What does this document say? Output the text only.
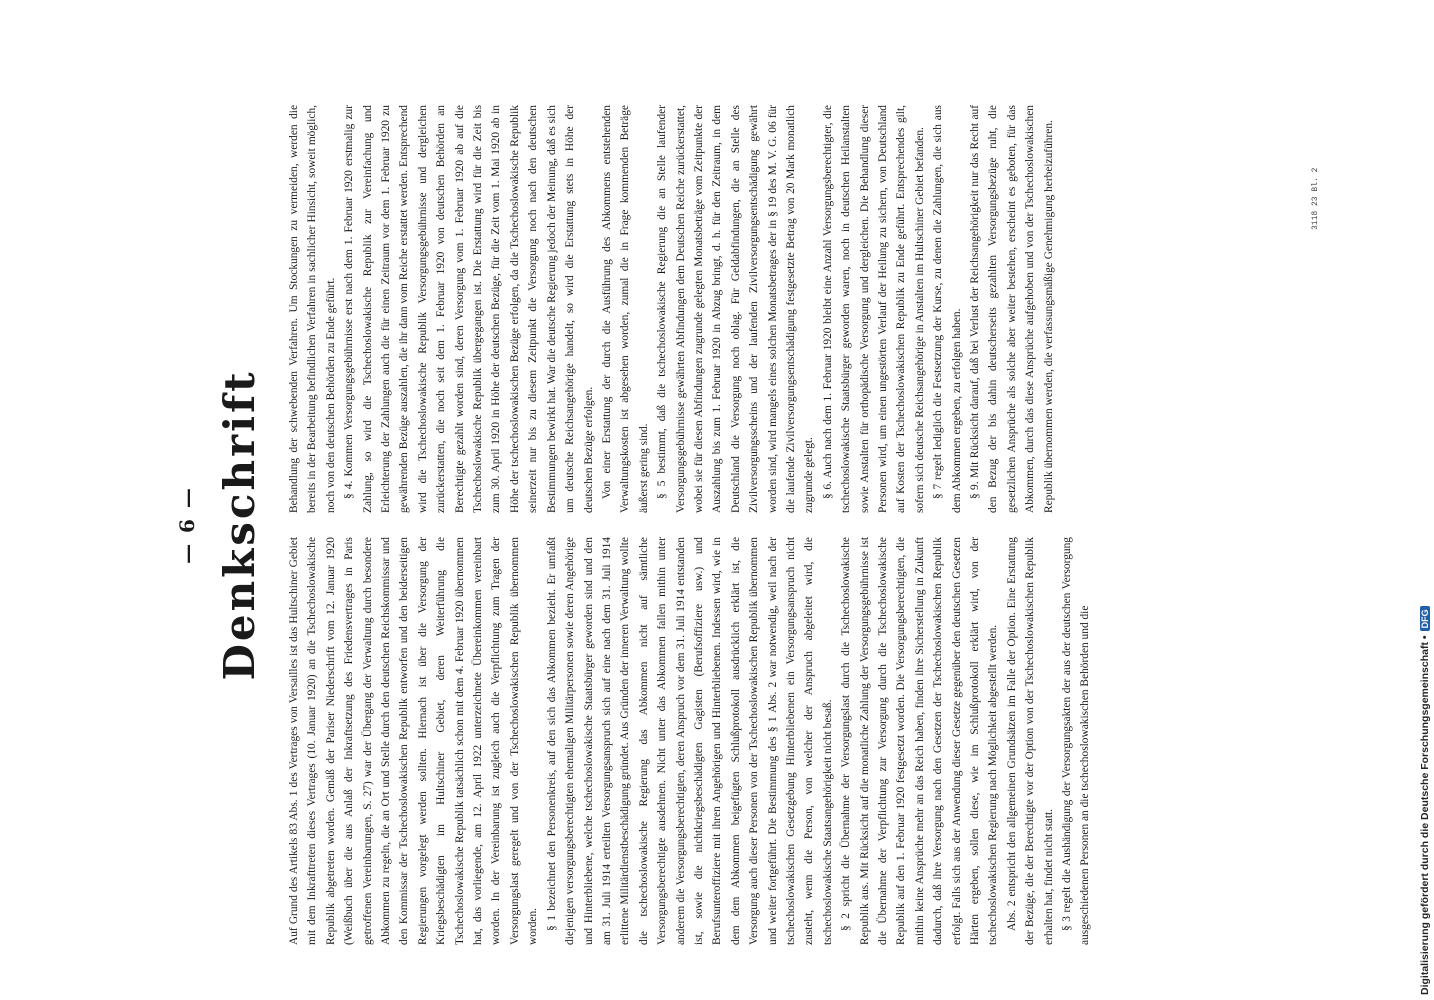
— 6 — Denkschrift

Auf Grund des Artikels 83 Abs. 1 des Vertrages von Versailles ist das Hultschiner Gebiet mit dem Inkrafttreten dieses Vertrages (10. Januar 1920) an die Tschechoslowakische Republik abgetreten worden. Gemäß der Pariser Niederschrift vom 12. Januar 1920 (Weißbuch über die aus Anlaß der Inkraftsetzung des Friedensvertrages in Paris getroffenen Vereinbarungen, S. 27) war der Übergang der Verwaltung durch besondere Abkommen zu regeln, die an Ort und Stelle durch den deutschen Reichskommissar und den Kommissar der Tschechoslowakischen Republik entworfen und den beiderseitigen Regierungen vorgelegt werden sollten. Hiernach ist über die Versorgung der Kriegsbeschädigten im Hultschiner Gebiet, deren Weiterführung die Tschechoslowakische Republik tatsächlich schon mit dem 4. Februar 1920 übernommen hat, das vorliegende, am 12. April 1922 unterzeichnete Übereinkommen vereinbart worden. In der Vereinbarung ist zugleich auch die Verpflichtung zum Tragen der Versorgungslast geregelt und von der Tschechoslowakischen Republik übernommen worden. § 1 bezeichnet den Personenkreis, auf den sich das Abkommen bezieht. Er umfaßt diejenigen versorgungsberechtigten ehemaligen Militärpersonen sowie deren Angehörige und Hinterbliebene, welche tschechoslowakische Staatsbürger geworden sind und den am 31. Juli 1914 erteilten Versorgungsanspruch sich auf eine nach dem 31. Juli 1914 erlittene Militärdienstbeschädigung gründet. Aus Gründen der inneren Verwaltung wollte die tschechoslowakische Regierung das Abkommen nicht auf sämtliche Versorgungsberechtigte ausdehnen. Nicht unter das Abkommen fallen mithin unter anderem die Versorgungsberechtigten, deren Anspruch vor dem 31. Juli 1914 entstanden ist, sowie die nichtkriegsbeschädigten Gagisten (Berufsoffiziere usw.) und Berufsunteroffiziere mit ihren Angehörigen und Hinterbliebenen. Indessen wird, wie in dem dem Abkommen beigefügten Schlußprotokoll ausdrücklich erklärt ist, die Versorgung auch dieser Personen von der Tschechoslowakischen Republik übernommen und weiter fortgeführt. Die Bestimmung des § 1 Abs. 2 war notwendig, weil nach der tschechoslowakischen Gesetzgebung Hinterbliebenen ein Versorgungsanspruch nicht zusteht, wenn die Person, von welcher der Anspruch abgeleitet wird, die tschechoslowakische Staatsangehörigkeit nicht besaß. § 2 spricht die Übernahme der Versorgungslast durch die Tschechoslowakische Republik aus. Mit Rücksicht auf die monatliche Zahlung der Versorgungsgebührnisse ist die Übernahme der Verpflichtung zur Versorgung durch die Tschechoslowakische Republik auf den 1. Februar 1920 festgesetzt worden. Die Versorgungsberechtigten, die mithin keine Ansprüche mehr an das Reich haben, finden ihre Sicherstellung in Zukunft dadurch, daß ihre Versorgung nach den Gesetzen der Tschechoslowakischen Republik erfolgt. Falls sich aus der Anwendung dieser Gesetze gegenüber den deutschen Gesetzen Härten ergeben, sollen diese, wie im Schlußprotokoll erklärt wird, von der tschechoslowakischen Regierung nach Möglichkeit abgestellt werden. Abs. 2 entspricht den allgemeinen Grundsätzen im Falle der Option. Eine Erstattung der Bezüge, die der Berechtigte vor der Option von der Tschechoslowakischen Republik erhalten hat, findet nicht statt. § 3 regelt die Aushändigung der Versorgungsakten der aus der deutschen Versorgung ausgeschiedenen Personen an die tschechoslowakischen Behörden und die

Behandlung der schwebenden Verfahren. Um Stockungen zu vermeiden, werden die bereits in der Bearbeitung befindlichen Verfahren in sachlicher Hinsicht, soweit möglich, noch von den deutschen Behörden zu Ende geführt. § 4. Kommen Versorgungsgebührnisse erst nach dem 1. Februar 1920 erstmalig zur Zahlung, so wird die Tschechoslowakische Republik zur Vereinfachung und Erleichterung der Zahlungen auch die für einen Zeitraum vor dem 1. Februar 1920 zu gewährenden Bezüge auszahlen, die ihr dann vom Reiche erstattet werden. Entsprechend wird die Tschechoslowakische Republik Versorgungsgebührnisse und dergleichen zurückerstatten, die noch seit dem 1. Februar 1920 von deutschen Behörden an Berechtigte gezahlt worden sind, deren Versorgung vom 1. Februar 1920 ab auf die Tschechoslowakische Republik übergegangen ist. Die Erstattung wird für die Zeit bis zum 30. April 1920 in Höhe der deutschen Bezüge, für die Zeit vom 1. Mai 1920 ab in Höhe der tschechoslowakischen Bezüge erfolgen, da die Tschechoslowakische Republik seinerzeit nur bis zu diesem Zeitpunkt die Versorgung noch nach den deutschen Bestimmungen bewirkt hat. War die deutsche Regierung jedoch der Meinung, daß es sich um deutsche Reichsangehörige handelt, so wird die Erstattung stets in Höhe der deutschen Bezüge erfolgen. Von einer Erstattung der durch die Ausführung des Abkommens entstehenden Verwaltungskosten ist abgesehen worden, zumal die in Frage kommenden Beträge äußerst gering sind. § 5 bestimmt, daß die tschechoslowakische Regierung die an Stelle laufender Versorgungsgebührnisse gewährten Abfindungen dem Deutschen Reiche zurückerstattet, wobei sie für diesen Abfindungen zugrunde gelegten Monatsbeträge vom Zeitpunkte der Auszahlung bis zum 1. Februar 1920 in Abzug bringt, d. h. für den Zeitraum, in dem Deutschland die Versorgung noch oblag. Für Geldabfindungen, die an Stelle des Zivilversorgungsscheins und der laufenden Zivilversorgungsentschädigung gewährt worden sind, wird mangels eines solchen Monatsbetrages der in § 19 des M. V. G. 06 für die laufende Zivilversorgungsentschädigung festgesetzte Betrag von 20 Mark monatlich zugrunde gelegt. § 6. Auch nach dem 1. Februar 1920 bleibt eine Anzahl Versorgungsberechtigter, die tschechoslowakische Staatsbürger geworden waren, noch in deutschen Heilanstalten sowie Anstalten für orthopädische Versorgung und dergleichen. Die Behandlung dieser Personen wird, um einen ungestörten Verlauf der Heilung zu sichern, von Deutschland auf Kosten der Tschechoslowakischen Republik zu Ende geführt. Entsprechendes gilt, sofern sich deutsche Reichsangehörige in Anstalten im Hultschiner Gebiet befanden. § 7 regelt lediglich die Festsetzung der Kurse, zu denen die Zahlungen, die sich aus dem Abkommen ergeben, zu erfolgen haben. § 9. Mit Rücksicht darauf, daß bei Verlust der Reichsangehörigkeit nur das Recht auf den Bezug der bis dahin deutscherseits gezahlten Versorgungsbezüge ruht, die gesetzlichen Ansprüche als solche aber weiter bestehen, erscheint es geboten, für das Abkommen, durch das diese Ansprüche aufgehoben und von der Tschechoslowakischen Republik übernommen werden, die verfassungsmäßige Genehmigung herbeizuführen.

Digitalisierung gefördert durch die Deutsche Forschungsgemeinschaft •DFG
3118 23 Bl. 2
